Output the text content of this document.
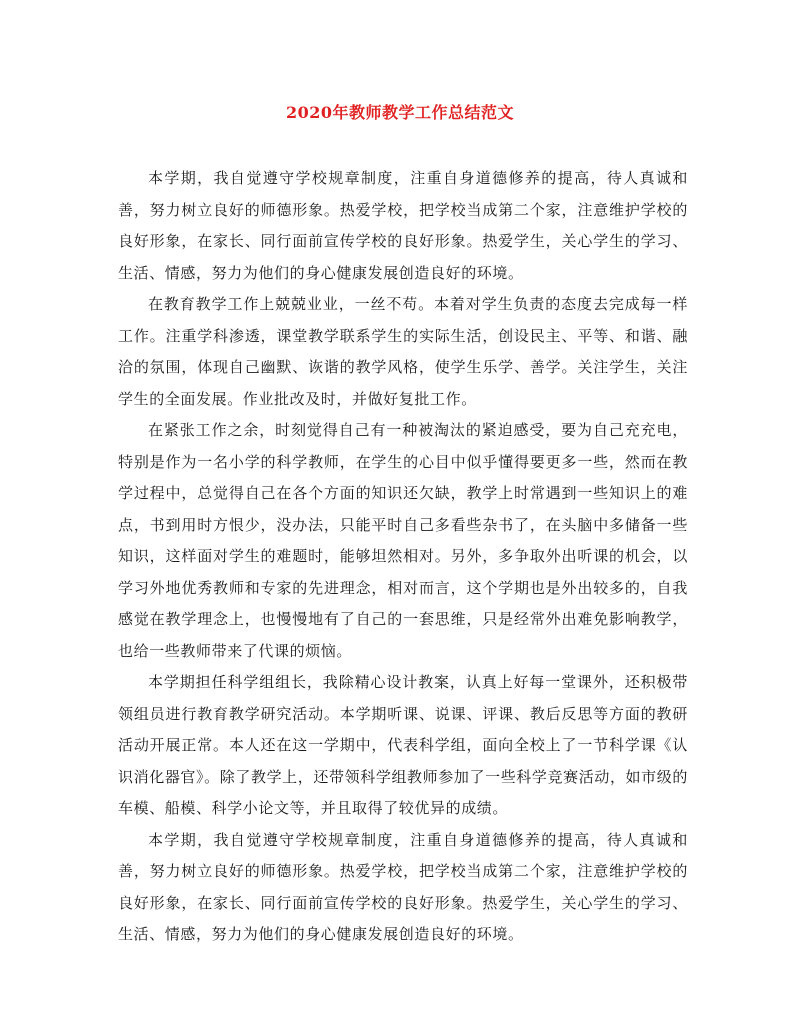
2020年教师教学工作总结范文

本学期，我自觉遵守学校规章制度，注重自身道德修养的提高，待人真诚和善，努力树立良好的师德形象。热爱学校，把学校当成第二个家，注意维护学校的良好形象，在家长、同行面前宣传学校的良好形象。热爱学生，关心学生的学习、生活、情感，努力为他们的身心健康发展创造良好的环境。

在教育教学工作上兢兢业业，一丝不苟。本着对学生负责的态度去完成每一样工作。注重学科渗透，课堂教学联系学生的实际生活，创设民主、平等、和谐、融洽的氛围，体现自己幽默、诙谐的教学风格，使学生乐学、善学。关注学生，关注学生的全面发展。作业批改及时，并做好复批工作。

在紧张工作之余，时刻觉得自己有一种被淘汰的紧迫感受，要为自己充充电，特别是作为一名小学的科学教师，在学生的心目中似乎懂得要更多一些，然而在教学过程中，总觉得自己在各个方面的知识还欠缺，教学上时常遇到一些知识上的难点，书到用时方恨少，没办法，只能平时自己多看些杂书了，在头脑中多储备一些知识，这样面对学生的难题时，能够坦然相对。另外，多争取外出听课的机会，以学习外地优秀教师和专家的先进理念，相对而言，这个学期也是外出较多的，自我感觉在教学理念上，也慢慢地有了自己的一套思维，只是经常外出难免影响教学，也给一些教师带来了代课的烦恼。

本学期担任科学组组长，我除精心设计教案，认真上好每一堂课外，还积极带领组员进行教育教学研究活动。本学期听课、说课、评课、教后反思等方面的教研活动开展正常。本人还在这一学期中，代表科学组，面向全校上了一节科学课《认识消化器官》。除了教学上，还带领科学组教师参加了一些科学竞赛活动，如市级的车模、船模、科学小论文等，并且取得了较优异的成绩。

本学期，我自觉遵守学校规章制度，注重自身道德修养的提高，待人真诚和善，努力树立良好的师德形象。热爱学校，把学校当成第二个家，注意维护学校的良好形象，在家长、同行面前宣传学校的良好形象。热爱学生，关心学生的学习、生活、情感，努力为他们的身心健康发展创造良好的环境。
